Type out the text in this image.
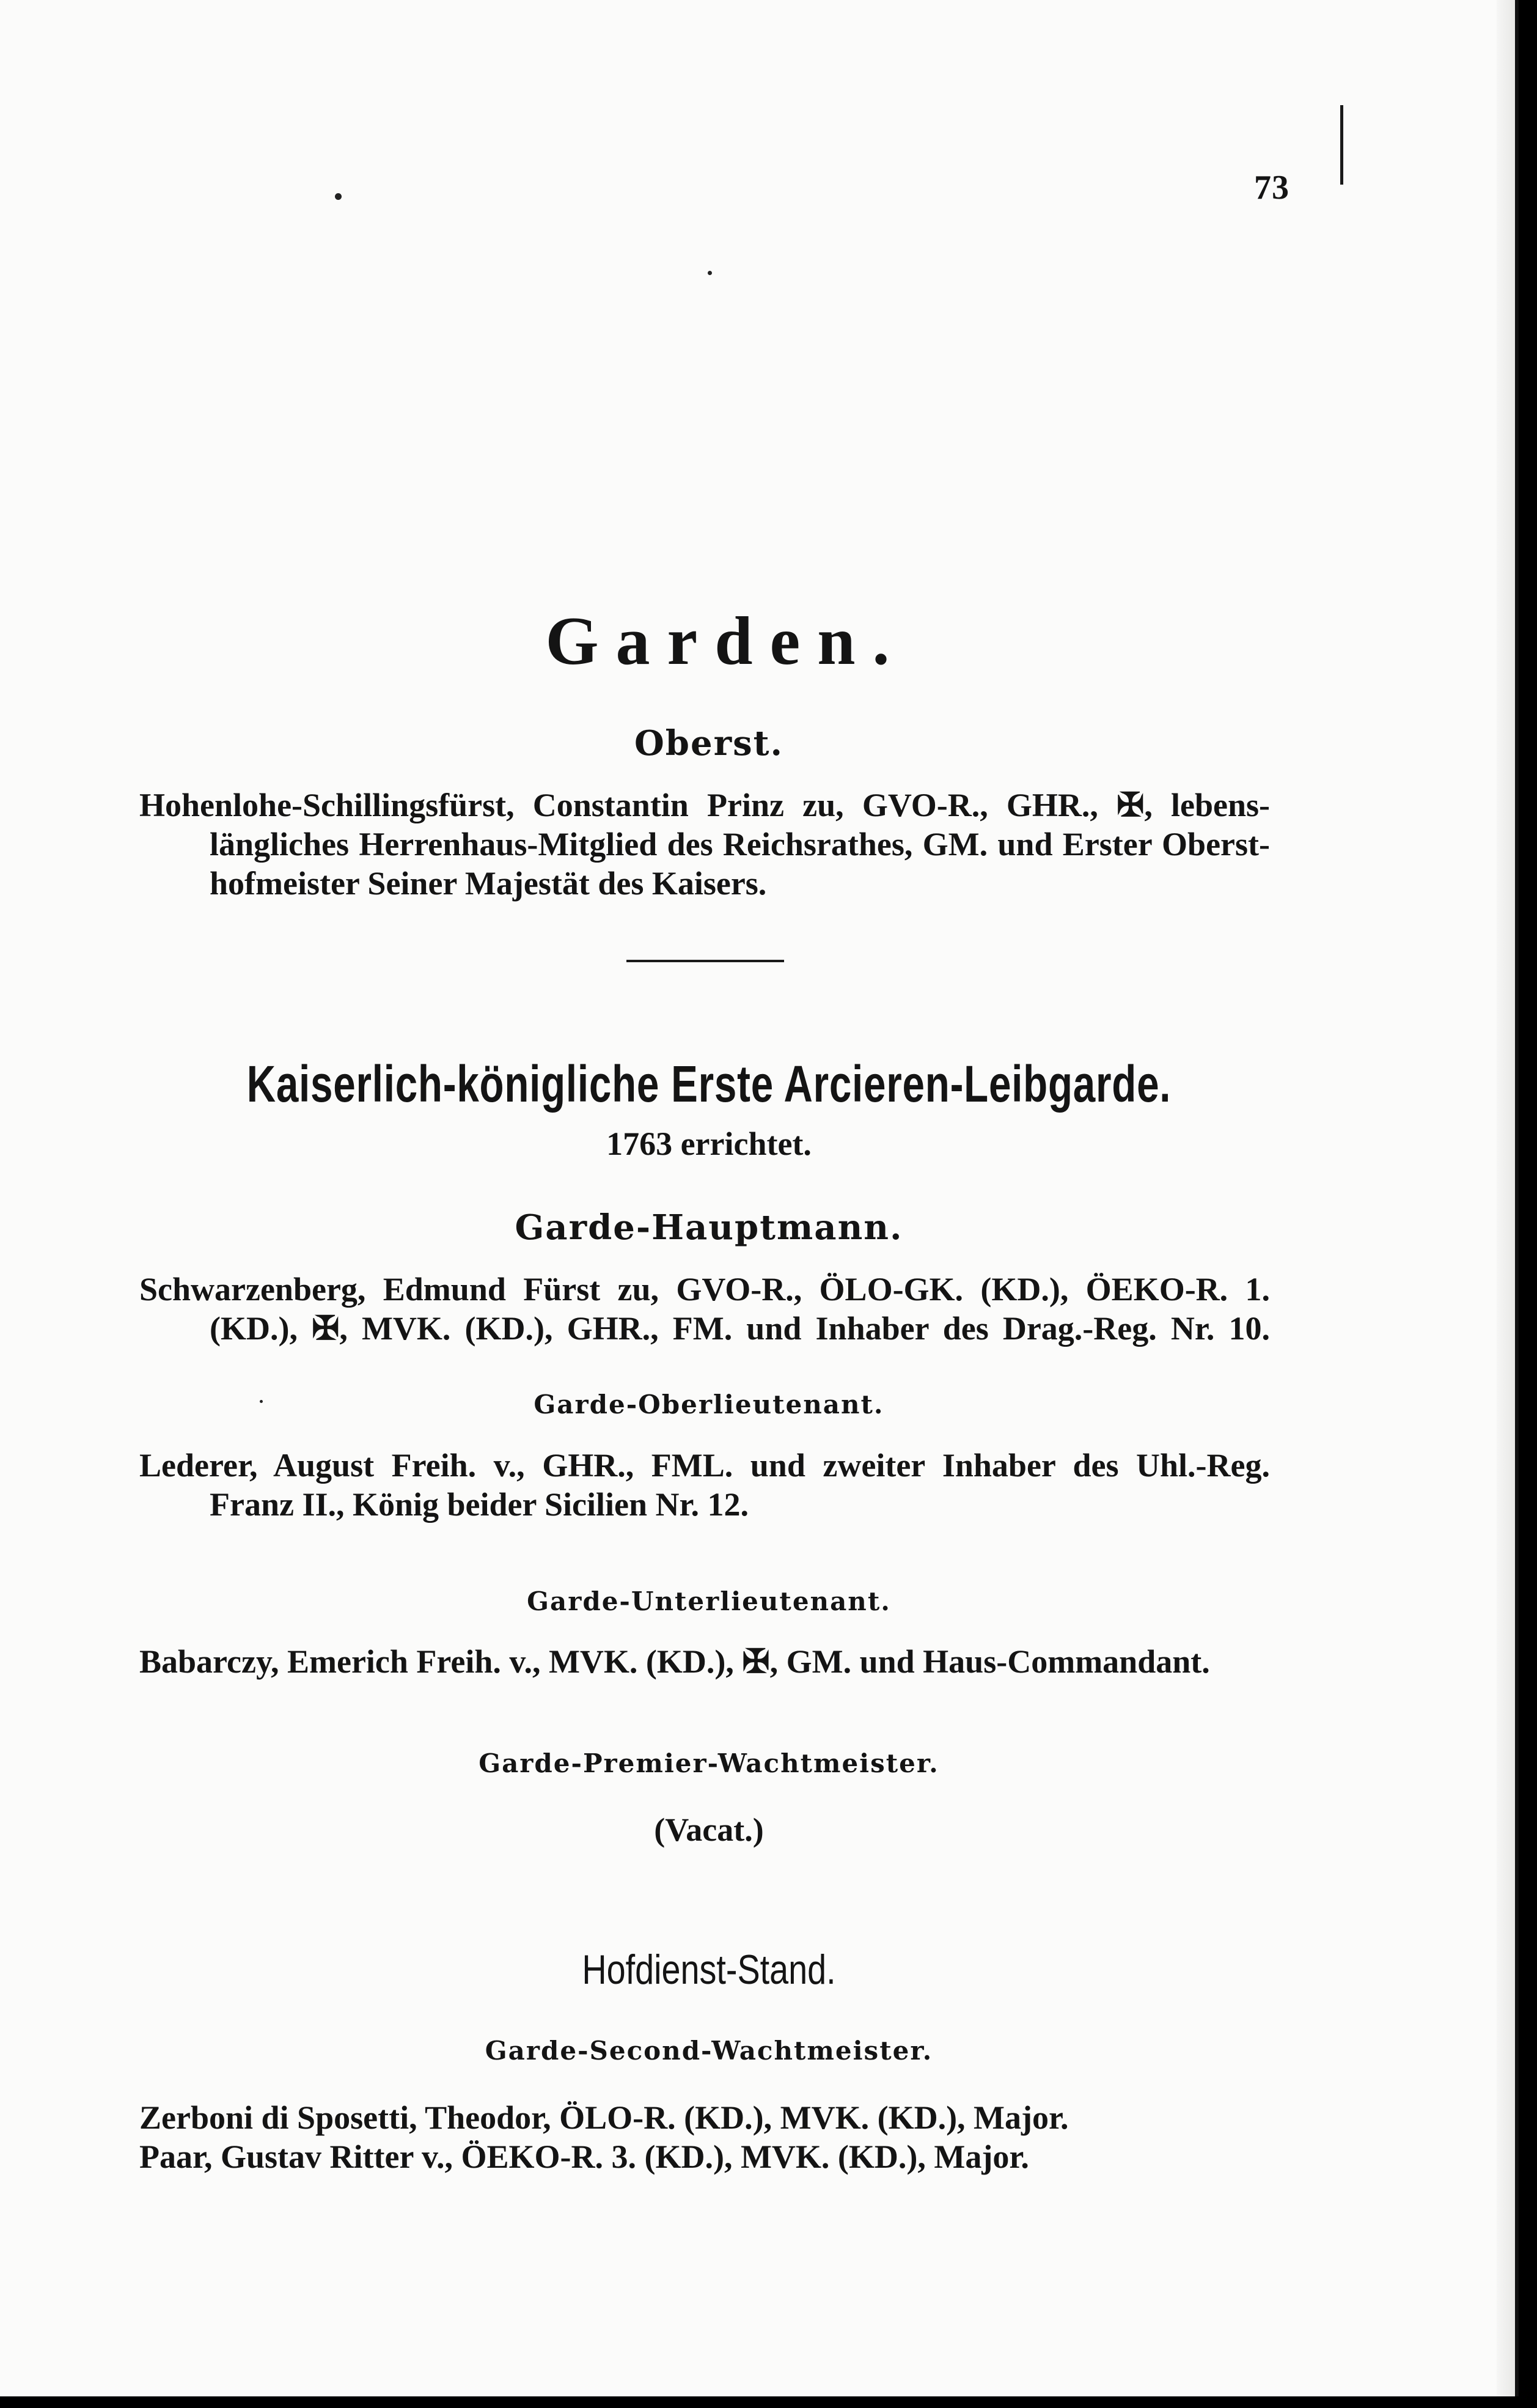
73
Garden.
Oberst.
Hohenlohe-Schillingsfürst, Constantin Prinz zu, GVO-R., GHR., ✠, lebens-
längliches Herrenhaus-Mitglied des Reichsrathes, GM. und Erster Oberst-
hofmeister Seiner Majestät des Kaisers.
Kaiserlich-königliche Erste Arcieren-Leibgarde.
1763 errichtet.
Garde-Hauptmann.
Schwarzenberg, Edmund Fürst zu, GVO-R., ÖLO-GK. (KD.), ÖEKO-R. 1.
(KD.), ✠, MVK. (KD.), GHR., FM. und Inhaber des Drag.-Reg. Nr. 10.
Garde-Oberlieutenant.
Lederer, August Freih. v., GHR., FML. und zweiter Inhaber des Uhl.-Reg.
Franz II., König beider Sicilien Nr. 12.
Garde-Unterlieutenant.
Babarczy, Emerich Freih. v., MVK. (KD.), ✠, GM. und Haus-Commandant.
Garde-Premier-Wachtmeister.
(Vacat.)
Hofdienst-Stand.
Garde-Second-Wachtmeister.
Zerboni di Sposetti, Theodor, ÖLO-R. (KD.), MVK. (KD.), Major.
Paar, Gustav Ritter v., ÖEKO-R. 3. (KD.), MVK. (KD.), Major.
